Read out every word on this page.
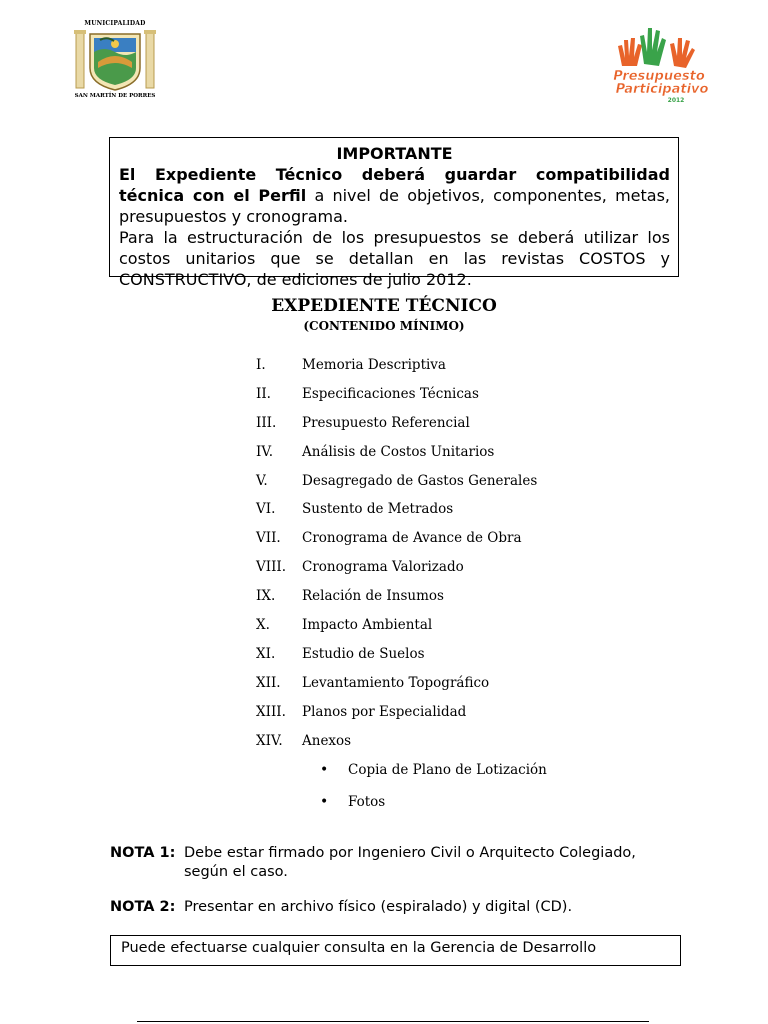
MUNICIPALIDAD
SAN MARTÍN DE PORRES
Presupuesto
Participativo
2012
IMPORTANTE

El Expediente Técnico deberá guardar compatibilidad técnica con el Perfil a nivel de objetivos, componentes, metas, presupuestos y cronograma.

Para la estructuración de los presupuestos se deberá utilizar los costos unitarios que se detallan en las revistas COSTOS y CONSTRUCTIVO, de ediciones de julio 2012.

EXPEDIENTE TÉCNICO
(CONTENIDO MÍNIMO)
I.	Memoria Descriptiva
II. Especificaciones Técnicas
III. Presupuesto Referencial
IV. Análisis de Costos Unitarios
V.	Desagregado de Gastos Generales
VI. Sustento de Metrados
VII. Cronograma de Avance de Obra
VIII. Cronograma Valorizado
IX. Relación de Insumos
X. Impacto Ambiental
XI. Estudio de Suelos
XII. Levantamiento Topográfico
XIII. Planos por Especialidad
XIV. Anexos
• Copia de Plano de Lotización
• Fotos
NOTA 1: Debe estar firmado por Ingeniero Civil o Arquitecto Colegiado,
según el caso.
NOTA 2: Presentar en archivo físico (espiralado) y digital (CD).
Puede efectuarse cualquier consulta en la Gerencia de Desarrollo
